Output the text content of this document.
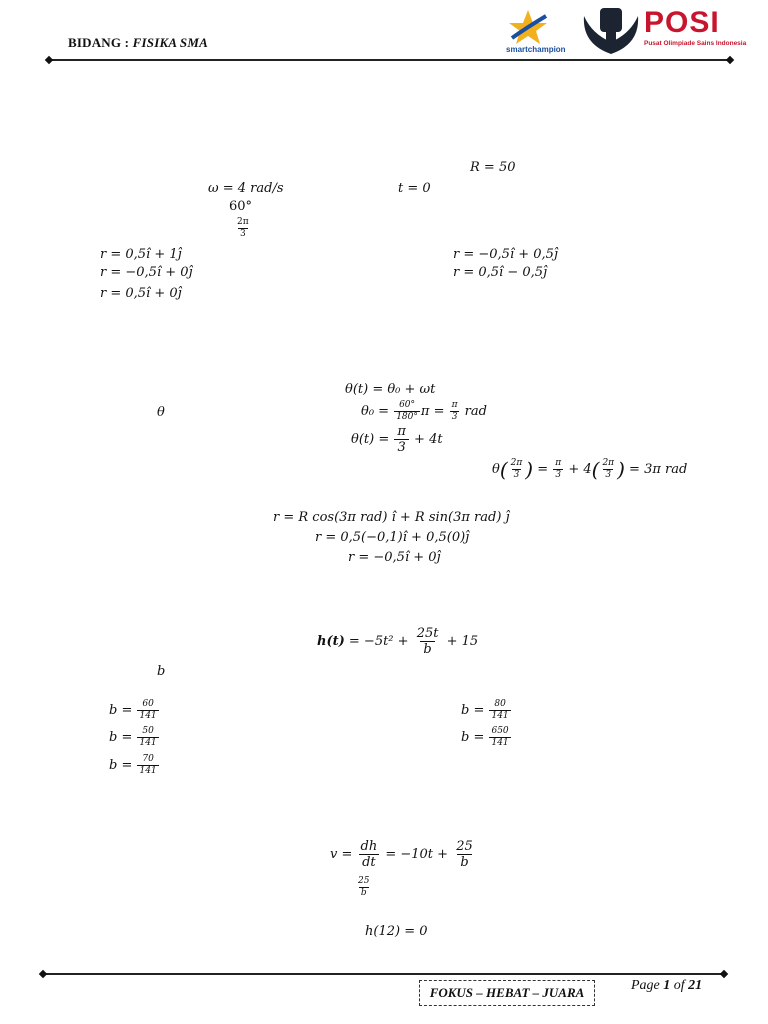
BIDANG : FISIKA SMA	smartchampion
POSI
Pusat Olimpiade Sains Indonesia
R = 50
ω = 4 rad/s	t = 0
60°
$\frac{2\pi}{3}$
r = 0,5î + 1ĵ
r = −0,5î + 0ĵ
r = 0,5î + 0ĵ
r = −0,5î + 0,5ĵ
r = 0,5î − 0,5ĵ
θ(t) = θ₀ + ωt
θ	$\theta_0 = \frac{60^\circ}{180^\circ}$ $\pi = \frac{\pi}{3}$ rad
$\theta(t) = \frac{\pi}{3} + 4t$
$\theta( \frac{2\pi}{3}$ ) = $\frac{\pi}{3} + 4( \frac{2\pi}{3}$ ) = 3π rad
r = R cos(3π rad) î + R sin(3π rad) ĵ
r = 0,5(−0,1)î + 0,5(0)ĵ
r = −0,5î + 0ĵ
$h(t) = -5t^2 + \frac{25t}{b} + 15$
b
$b = \frac{60}{141}$
$b = \frac{50}{141}$
$b = \frac{70}{141}$
$b = \frac{80}{141}$
$b = \frac{650}{141}$
$v = \frac{dh}{dt} = -10t + \frac{25}{b}$
$\frac{25}{b}$
h(12) = 0
FOKUS – HEBAT – JUARA	Page 1 of 21
